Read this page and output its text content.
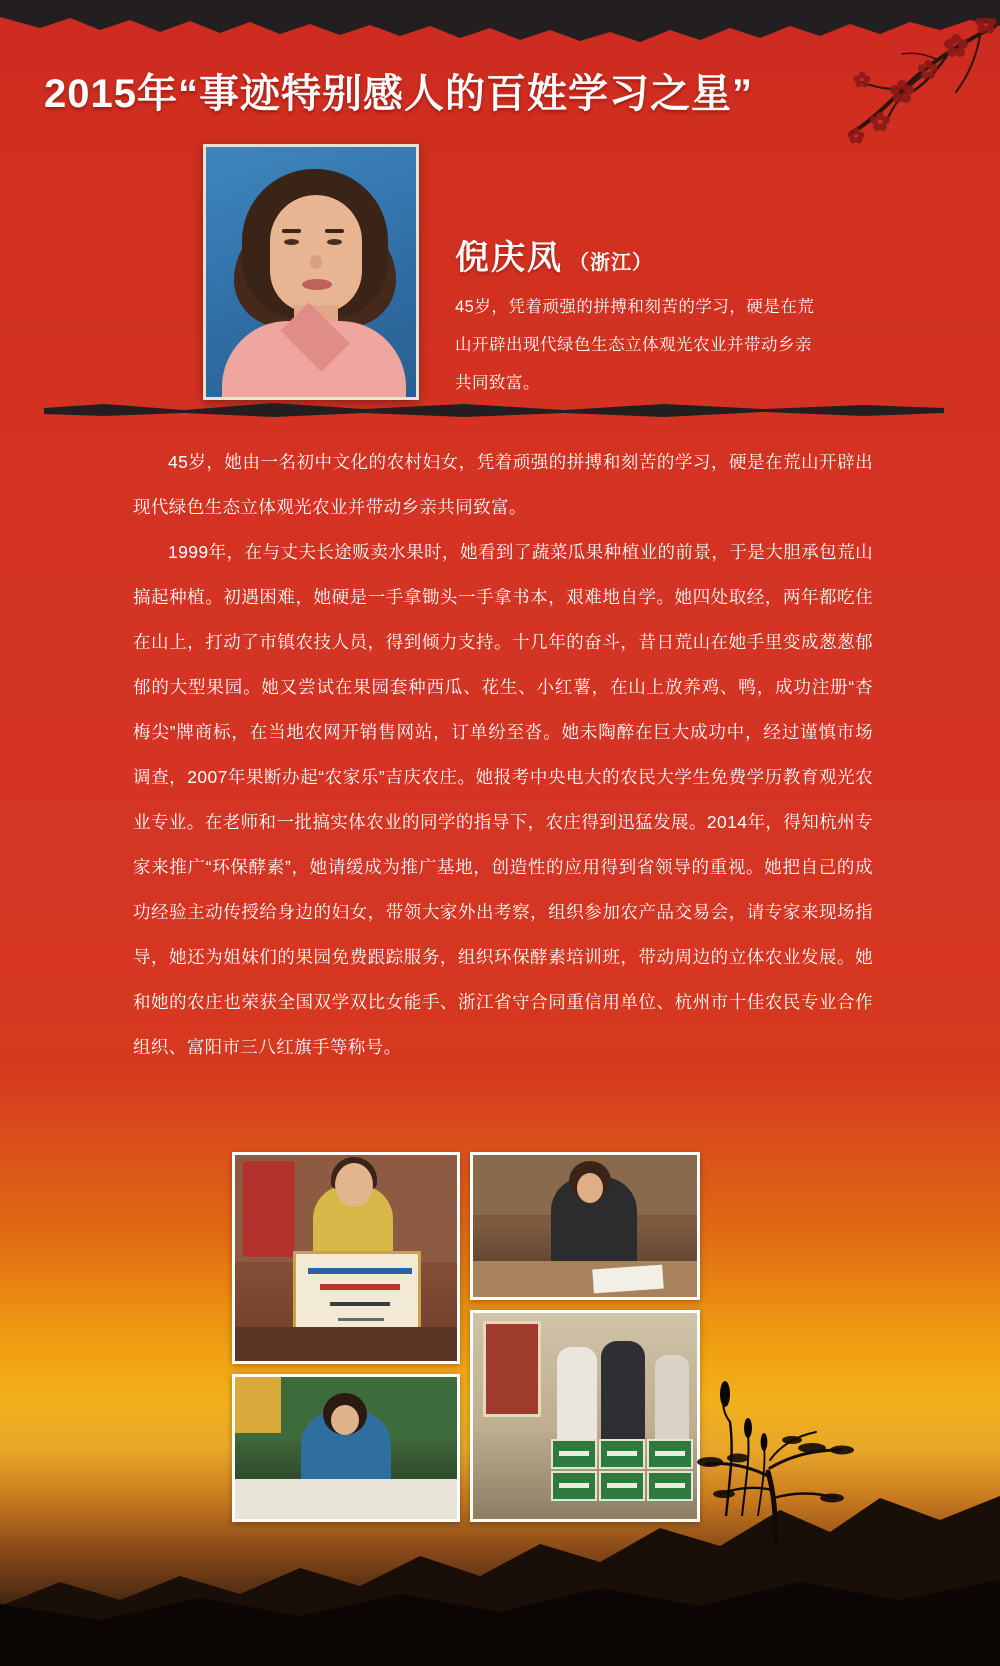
2015年“事迹特别感人的百姓学习之星”
倪庆凤 （浙江）
45岁，凭着顽强的拼搏和刻苦的学习，硬是在荒山开辟出现代绿色生态立体观光农业并带动乡亲共同致富。

45岁，她由一名初中文化的农村妇女，凭着顽强的拼搏和刻苦的学习，硬是在荒山开辟出现代绿色生态立体观光农业并带动乡亲共同致富。

1999年，在与丈夫长途贩卖水果时，她看到了蔬菜瓜果种植业的前景，于是大胆承包荒山搞起种植。初遇困难，她硬是一手拿锄头一手拿书本，艰难地自学。她四处取经，两年都吃住在山上，打动了市镇农技人员，得到倾力支持。十几年的奋斗，昔日荒山在她手里变成葱葱郁郁的大型果园。她又尝试在果园套种西瓜、花生、小红薯，在山上放养鸡、鸭，成功注册“杏梅尖”牌商标，在当地农网开销售网站，订单纷至沓。她未陶醉在巨大成功中，经过谨慎市场调查，2007年果断办起“农家乐”吉庆农庄。她报考中央电大的农民大学生免费学历教育观光农业专业。在老师和一批搞实体农业的同学的指导下，农庄得到迅猛发展。2014年，得知杭州专家来推广“环保酵素”，她请缓成为推广基地，创造性的应用得到省领导的重视。她把自己的成功经验主动传授给身边的妇女，带领大家外出考察，组织参加农产品交易会，请专家来现场指导，她还为姐妹们的果园免费跟踪服务，组织环保酵素培训班，带动周边的立体农业发展。她和她的农庄也荣获全国双学双比女能手、浙江省守合同重信用单位、杭州市十佳农民专业合作组织、富阳市三八红旗手等称号。
